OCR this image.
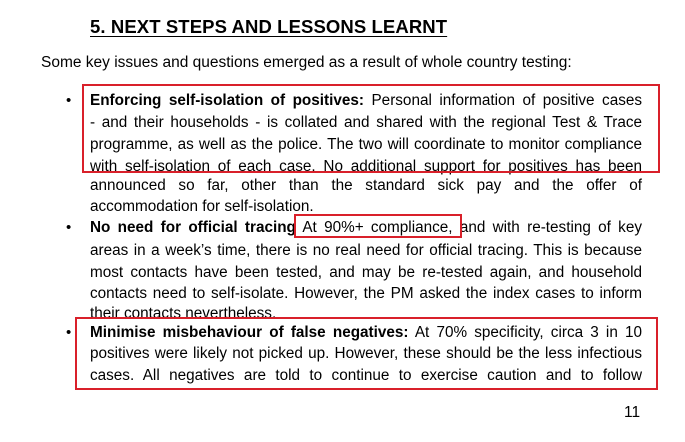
5. NEXT STEPS AND LESSONS LEARNT
Some key issues and questions emerged as a result of whole country testing:
• Enforcing self-isolation of positives: Personal information of positive cases
- and their households - is collated and shared with the regional Test & Trace
programme, as well as the police. The two will coordinate to monitor compliance
with self-isolation of each case. No additional support for positives has been
announced so far, other than the standard sick pay and the offer of
accommodation for self-isolation.
• No need for official tracing At 90%+ compliance, and with re-testing of key
areas in a week’s time, there is no real need for official tracing. This is because
most contacts have been tested, and may be re-tested again, and household
contacts need to self-isolate. However, the PM asked the index cases to inform
their contacts nevertheless.
• Minimise misbehaviour of false negatives: At 70% specificity, circa 3 in 10
positives were likely not picked up. However, these should be the less infectious
cases. All negatives are told to continue to exercise caution and to follow
11
